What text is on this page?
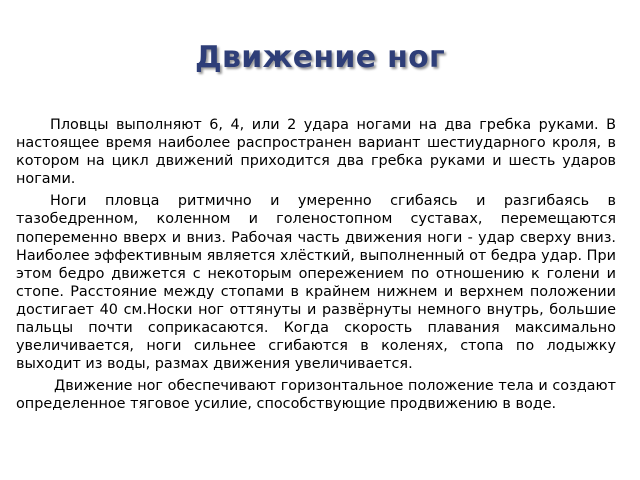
Движение ног

Пловцы выполняют 6, 4, или 2 удара ногами на два гребка руками. В настоящее время наиболее распространен вариант шестиударного кроля, в котором на цикл движений приходится два гребка руками и шесть ударов ногами.

Ноги пловца ритмично и умеренно сгибаясь и разгибаясь в тазобедренном, коленном и голеностопном суставах, перемещаются попеременно вверх и вниз. Рабочая часть движения ноги - удар сверху вниз. Наиболее эффективным является хлёсткий, выполненный от бедра удар. При этом бедро движется с некоторым опережением по отношению к голени и стопе. Расстояние между стопами в крайнем нижнем и верхнем положении достигает 40 см.Носки ног оттянуты и развёрнуты немного внутрь, большие пальцы почти соприкасаются. Когда скорость плавания максимально увеличивается, ноги сильнее сгибаются в коленях, стопа по лодыжку выходит из воды, размах движения увеличивается.

Движение ног обеспечивают горизонтальное положение тела и создают определенное тяговое усилие, способствующие продвижению в воде.
